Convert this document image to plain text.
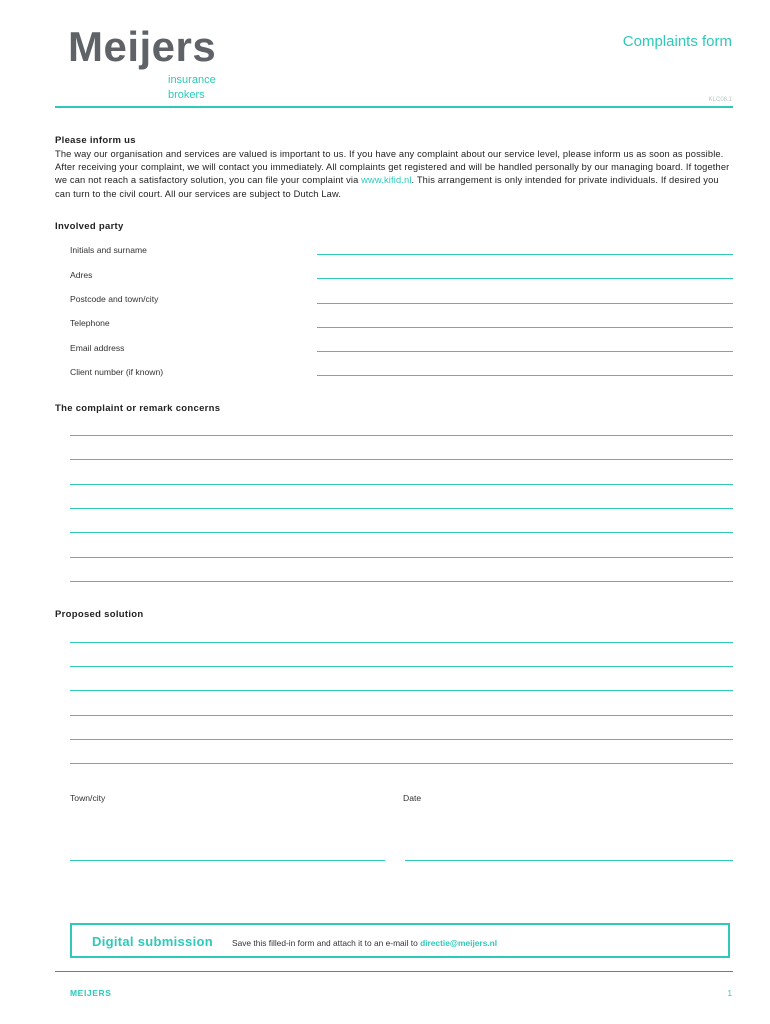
Meijers
insurance
brokers
Complaints form
KLC08.1
Please inform us
The way our organisation and services are valued is important to us. If you have any complaint about our service level, please inform us as soon as possible. After receiving your complaint, we will contact you immediately. All complaints get registered and will be handled personally by our managing board. If together we can not reach a satisfactory solution, you can file your complaint via www.kifid.nl. This arrangement is only intended for private individuals. If desired you can turn to the civil court. All our services are subject to Dutch Law.
Involved party
Initials and surname
Adres
Postcode and town/city
Telephone
Email address
Client number (if known)
The complaint or remark concerns
Proposed solution
Town/city	Date
Digital submission Save this filled-in form and attach it to an e-mail to directie@meijers.nl
MEIJERS	1
